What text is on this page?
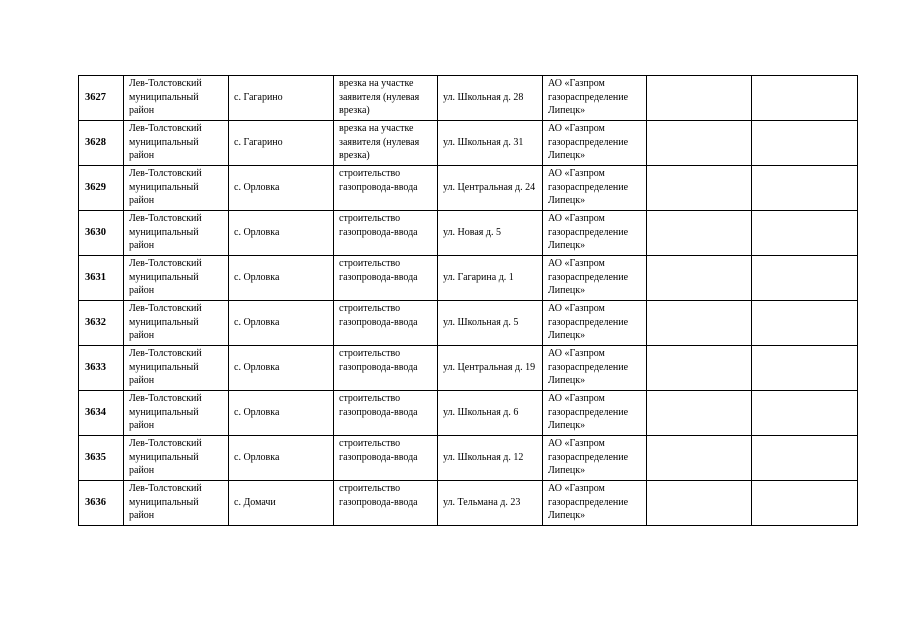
3627	Лев-Толстовский муниципальный район	с. Гагарино	врезка на участке заявителя (нулевая врезка)	ул. Школьная д. 28	АО «Газпром газораспределение Липецк»		
3628	Лев-Толстовский муниципальный район	с. Гагарино	врезка на участке заявителя (нулевая врезка)	ул. Школьная д. 31	АО «Газпром газораспределение Липецк»		
3629	Лев-Толстовский муниципальный район	с. Орловка	строительство газопровода-ввода	ул. Центральная д. 24	АО «Газпром газораспределение Липецк»		
3630	Лев-Толстовский муниципальный район	с. Орловка	строительство газопровода-ввода	ул. Новая д. 5	АО «Газпром газораспределение Липецк»		
3631	Лев-Толстовский муниципальный район	с. Орловка	строительство газопровода-ввода	ул. Гагарина д. 1	АО «Газпром газораспределение Липецк»		
3632	Лев-Толстовский муниципальный район	с. Орловка	строительство газопровода-ввода	ул. Школьная д. 5	АО «Газпром газораспределение Липецк»		
3633	Лев-Толстовский муниципальный район	с. Орловка	строительство газопровода-ввода	ул. Центральная д. 19	АО «Газпром газораспределение Липецк»		
3634	Лев-Толстовский муниципальный район	с. Орловка	строительство газопровода-ввода	ул. Школьная д. 6	АО «Газпром газораспределение Липецк»		
3635	Лев-Толстовский муниципальный район	с. Орловка	строительство газопровода-ввода	ул. Школьная д. 12	АО «Газпром газораспределение Липецк»		
3636	Лев-Толстовский муниципальный район	с. Домачи	строительство газопровода-ввода	ул. Тельмана д. 23	АО «Газпром газораспределение Липецк»		
